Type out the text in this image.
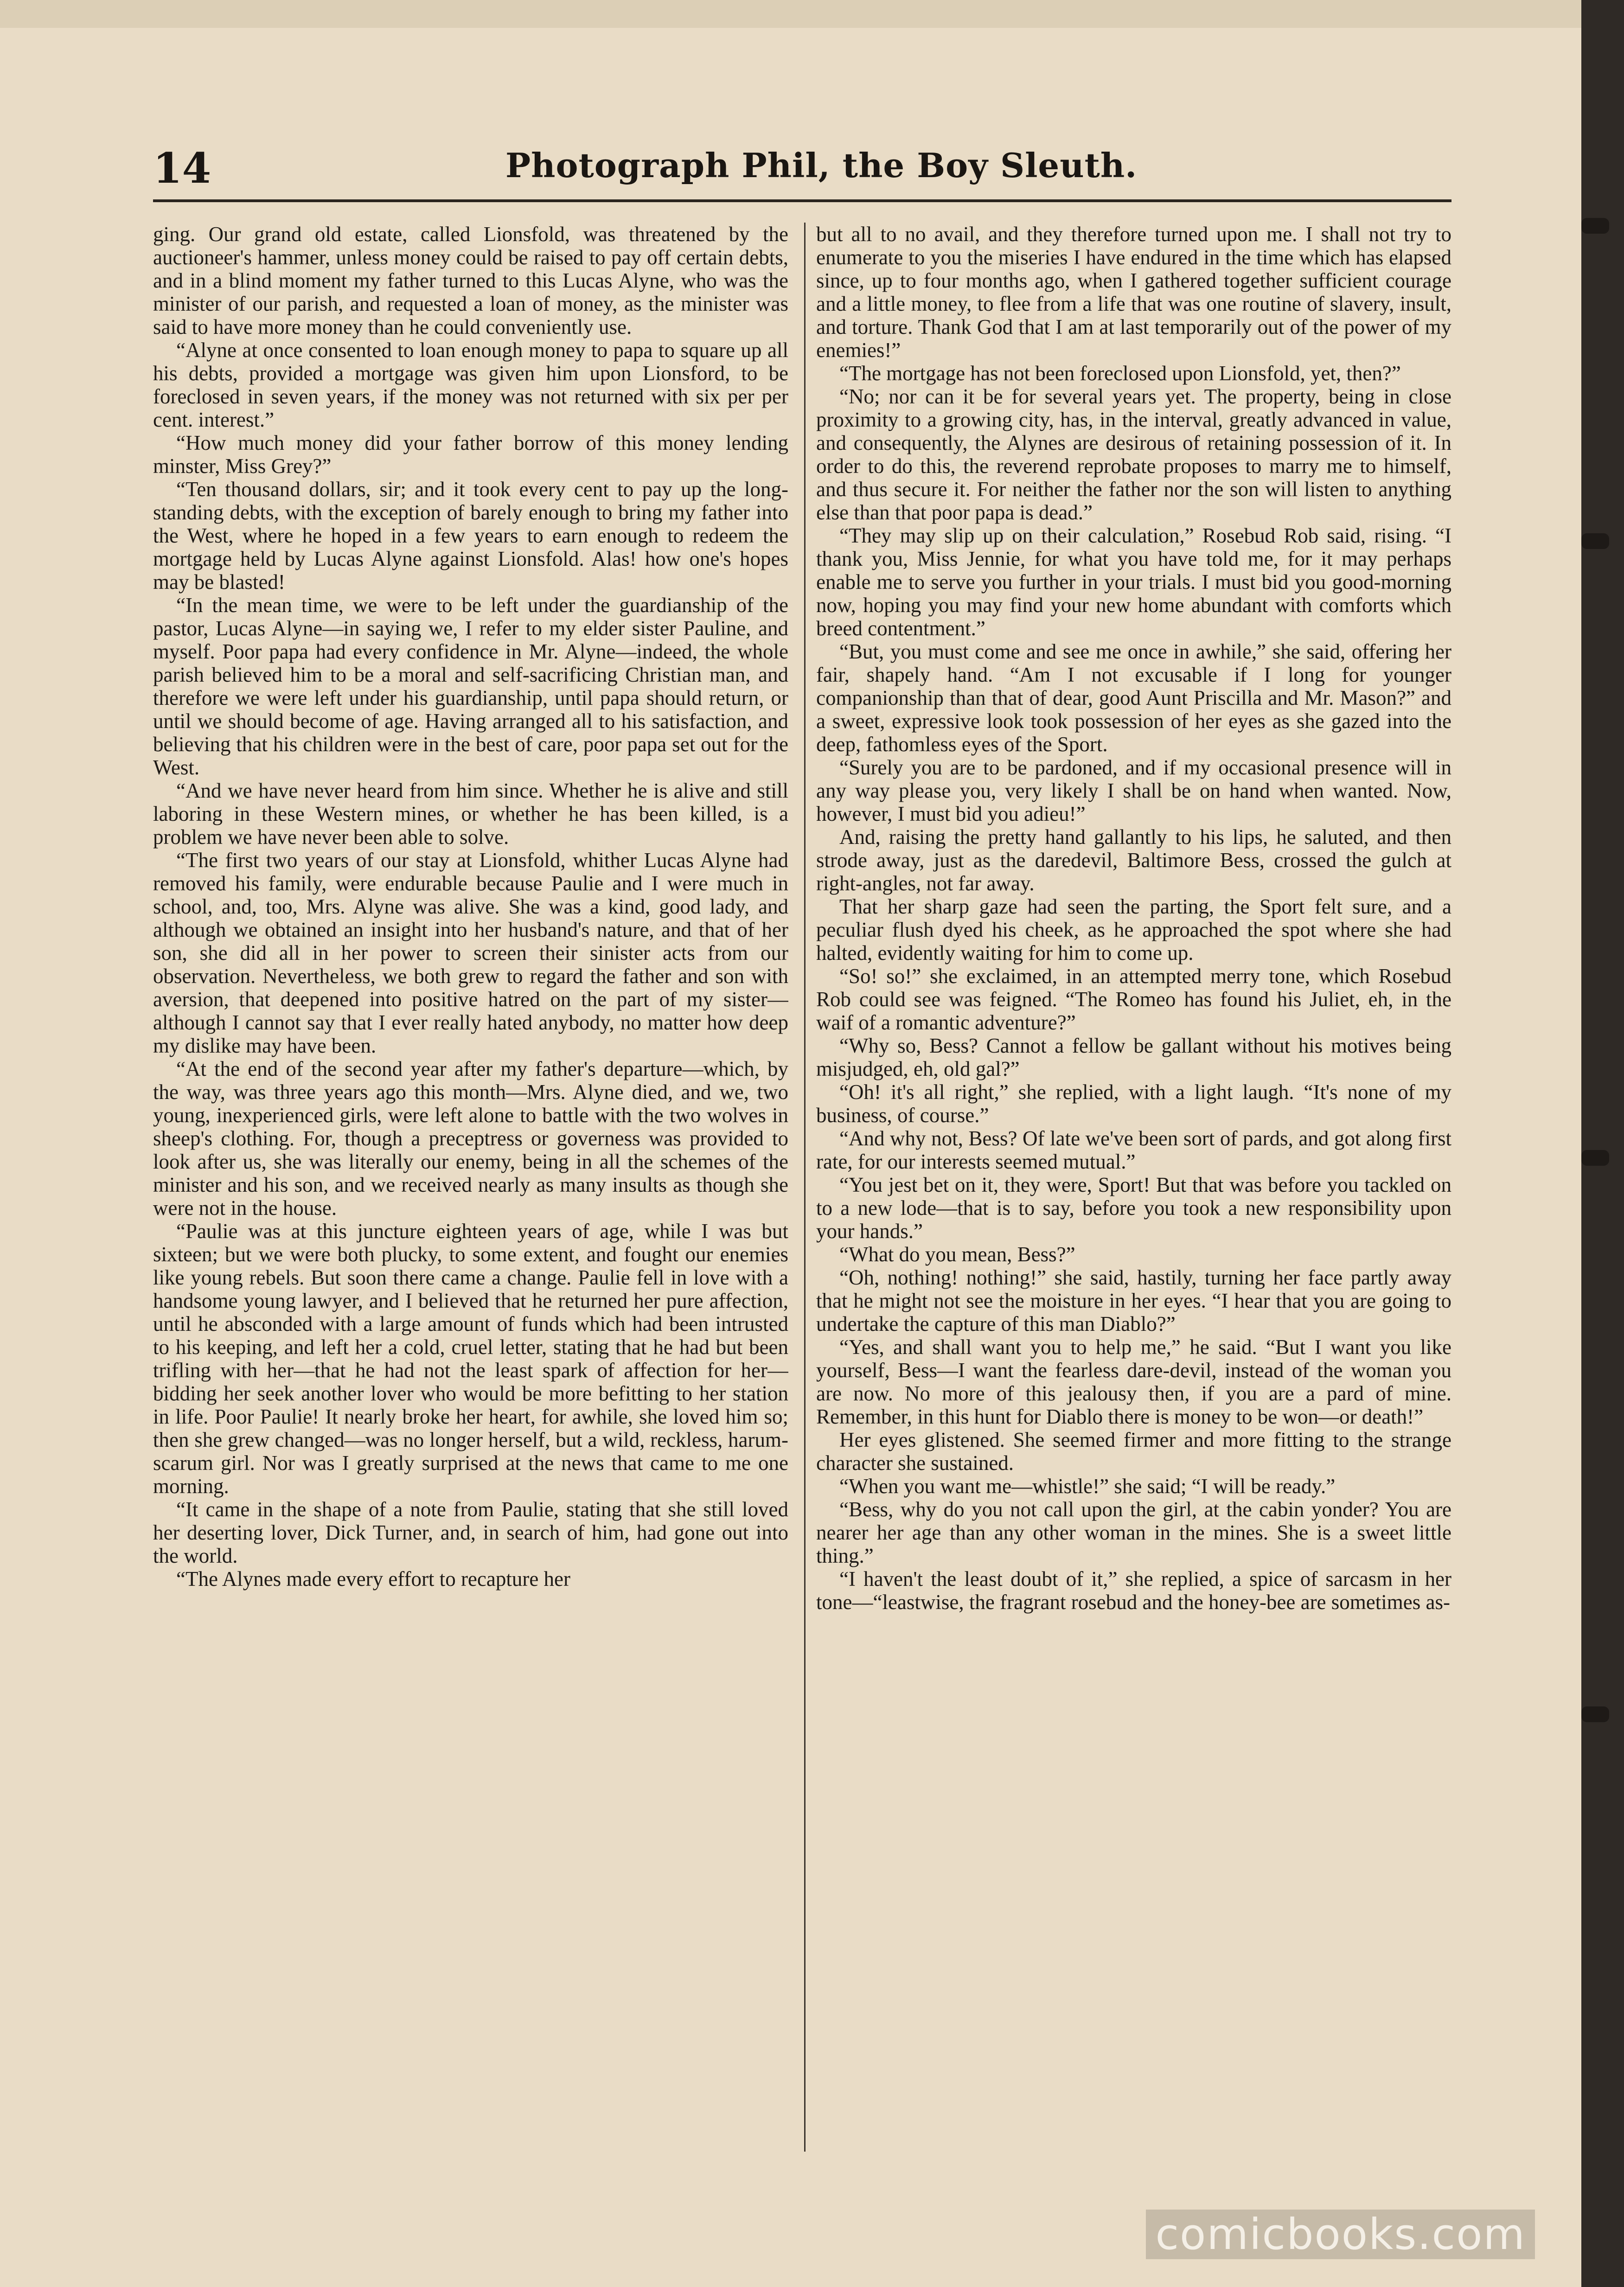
14	Photograph Phil, the Boy Sleuth.

ging. Our grand old estate, called Lionsfold, was threatened by the auctioneer's hammer, unless money could be raised to pay off certain debts, and in a blind moment my father turned to this Lucas Alyne, who was the minister of our parish, and requested a loan of money, as the minister was said to have more money than he could conveniently use.

“Alyne at once consented to loan enough money to papa to square up all his debts, provided a mortgage was given him upon Lionsford, to be foreclosed in seven years, if the money was not returned with six per per cent. interest.”

“How much money did your father borrow of this money lending minster, Miss Grey?”

“Ten thousand dollars, sir; and it took every cent to pay up the long-standing debts, with the exception of barely enough to bring my father into the West, where he hoped in a few years to earn enough to redeem the mortgage held by Lucas Alyne against Lionsfold. Alas! how one's hopes may be blasted!

“In the mean time, we were to be left under the guardianship of the pastor, Lucas Alyne—in saying we, I refer to my elder sister Pauline, and myself. Poor papa had every confidence in Mr. Alyne—indeed, the whole parish believed him to be a moral and self-sacrificing Christian man, and therefore we were left under his guardianship, until papa should return, or until we should become of age. Having arranged all to his satisfaction, and believing that his children were in the best of care, poor papa set out for the West.

“And we have never heard from him since. Whether he is alive and still laboring in these Western mines, or whether he has been killed, is a problem we have never been able to solve.

“The first two years of our stay at Lionsfold, whither Lucas Alyne had removed his family, were endurable because Paulie and I were much in school, and, too, Mrs. Alyne was alive. She was a kind, good lady, and although we obtained an insight into her husband's nature, and that of her son, she did all in her power to screen their sinister acts from our observation. Nevertheless, we both grew to regard the father and son with aversion, that deepened into positive hatred on the part of my sister—although I cannot say that I ever really hated anybody, no matter how deep my dislike may have been.

“At the end of the second year after my father's departure—which, by the way, was three years ago this month—Mrs. Alyne died, and we, two young, inexperienced girls, were left alone to battle with the two wolves in sheep's clothing. For, though a preceptress or governess was provided to look after us, she was literally our enemy, being in all the schemes of the minister and his son, and we received nearly as many insults as though she were not in the house.

“Paulie was at this juncture eighteen years of age, while I was but sixteen; but we were both plucky, to some extent, and fought our enemies like young rebels. But soon there came a change. Paulie fell in love with a handsome young lawyer, and I believed that he returned her pure affection, until he absconded with a large amount of funds which had been intrusted to his keeping, and left her a cold, cruel letter, stating that he had but been trifling with her—that he had not the least spark of affection for her—bidding her seek another lover who would be more befitting to her station in life. Poor Paulie! It nearly broke her heart, for awhile, she loved him so; then she grew changed—was no longer herself, but a wild, reckless, harum-scarum girl. Nor was I greatly surprised at the news that came to me one morning.

“It came in the shape of a note from Paulie, stating that she still loved her deserting lover, Dick Turner, and, in search of him, had gone out into the world.

“The Alynes made every effort to recapture her

but all to no avail, and they therefore turned upon me. I shall not try to enumerate to you the miseries I have endured in the time which has elapsed since, up to four months ago, when I gathered together sufficient courage and a little money, to flee from a life that was one routine of slavery, insult, and torture. Thank God that I am at last temporarily out of the power of my enemies!”

“The mortgage has not been foreclosed upon Lionsfold, yet, then?”

“No; nor can it be for several years yet. The property, being in close proximity to a growing city, has, in the interval, greatly advanced in value, and consequently, the Alynes are desirous of retaining possession of it. In order to do this, the reverend reprobate proposes to marry me to himself, and thus secure it. For neither the father nor the son will listen to anything else than that poor papa is dead.”

“They may slip up on their calculation,” Rosebud Rob said, rising. “I thank you, Miss Jennie, for what you have told me, for it may perhaps enable me to serve you further in your trials. I must bid you good-morning now, hoping you may find your new home abundant with comforts which breed contentment.”

“But, you must come and see me once in awhile,” she said, offering her fair, shapely hand. “Am I not excusable if I long for younger companionship than that of dear, good Aunt Priscilla and Mr. Mason?” and a sweet, expressive look took possession of her eyes as she gazed into the deep, fathomless eyes of the Sport.

“Surely you are to be pardoned, and if my occasional presence will in any way please you, very likely I shall be on hand when wanted. Now, however, I must bid you adieu!”

And, raising the pretty hand gallantly to his lips, he saluted, and then strode away, just as the daredevil, Baltimore Bess, crossed the gulch at right-angles, not far away.

That her sharp gaze had seen the parting, the Sport felt sure, and a peculiar flush dyed his cheek, as he approached the spot where she had halted, evidently waiting for him to come up.

“So! so!” she exclaimed, in an attempted merry tone, which Rosebud Rob could see was feigned. “The Romeo has found his Juliet, eh, in the waif of a romantic adventure?”

“Why so, Bess? Cannot a fellow be gallant without his motives being misjudged, eh, old gal?”

“Oh! it's all right,” she replied, with a light laugh. “It's none of my business, of course.”

“And why not, Bess? Of late we've been sort of pards, and got along first rate, for our interests seemed mutual.”

“You jest bet on it, they were, Sport! But that was before you tackled on to a new lode—that is to say, before you took a new responsibility upon your hands.”

“What do you mean, Bess?”

“Oh, nothing! nothing!” she said, hastily, turning her face partly away that he might not see the moisture in her eyes. “I hear that you are going to undertake the capture of this man Diablo?”

“Yes, and shall want you to help me,” he said. “But I want you like yourself, Bess—I want the fearless dare-devil, instead of the woman you are now. No more of this jealousy then, if you are a pard of mine. Remember, in this hunt for Diablo there is money to be won—or death!”

Her eyes glistened. She seemed firmer and more fitting to the strange character she sustained.

“When you want me—whistle!” she said; “I will be ready.”

“Bess, why do you not call upon the girl, at the cabin yonder? You are nearer her age than any other woman in the mines. She is a sweet little thing.”

“I haven't the least doubt of it,” she replied, a spice of sarcasm in her tone—“leastwise, the fragrant rosebud and the honey-bee are sometimes as-

comicbooks.com
